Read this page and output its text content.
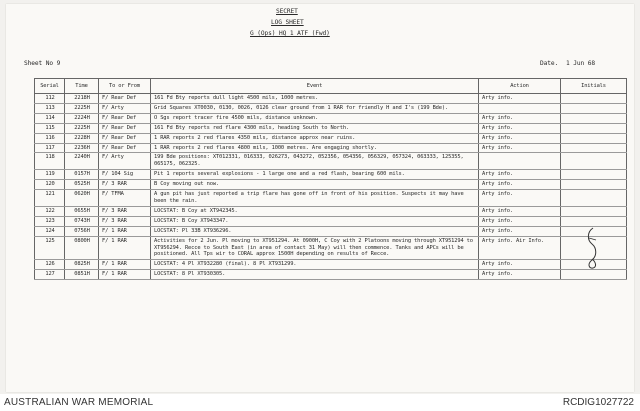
SECRET
LOG SHEET
G (Ops) HQ 1 ATF (Fwd)
Sheet No 9	Date. 1 Jun 68
Serial	Time	To or From	Event	Action	Initials
112	2218H	F/ Rear Def	161 Fd Bty reports dull light 4500 mils, 1000 metres.	Arty info.	
113	2225H	F/ Arty	Grid Squares XT0030, 0130, 0026, 0126 clear ground from 1 RAR for friendly H and I's (199 Bde).		
114	2224H	F/ Rear Def	O Sgs report tracer fire 4500 mils, distance unknown.	Arty info.	
115	2225H	F/ Rear Def	161 Fd Bty reports red flare 4300 mils, heading South to North.	Arty info.	
116	2228H	F/ Rear Def	1 RAR reports 2 red flares 4350 mils, distance approx near ruins.	Arty info.	
117	2236H	F/ Rear Def	1 RAR reports 2 red flares 4800 mils, 1000 metres. Are engaging shortly.	Arty info.	
118	2240H	F/ Arty	199 Bde positions: XT012331, 016333, 026273, 043272, 052356, 054356, 056329, 057324, 063333, 125355, 065175, 062325.		
119	0157H	F/ 104 Sig	Pit 1 reports several explosions - 1 large one and a red flash, bearing 600 mils.	Arty info.	
120	0525H	F/ 3 RAR	B Coy moving out now.	Arty info.	
121	0620H	F/ TFMA	A gun pit has just reported a trip flare has gone off in front of his position. Suspects it may have been the rain.	Arty info.	
122	0655H	F/ 3 RAR	LOCSTAT: B Coy at XT942345.	Arty info.	
123	0743H	F/ 3 RAR	LOCSTAT: B Coy XT943347.	Arty info.	
124	0756H	F/ 1 RAR	LOCSTAT: Pl 33B XT936296.	Arty info.	
125	0800H	F/ 1 RAR	Activities for 2 Jun. Pl moving to XT951294. At 0900H, C Coy with 2 Platoons moving through XT951294 to XT956294. Recce to South East (in area of contact 31 May) will then commence. Tanks and APCs will be positioned. All Tps wir to CORAL approx 1500H depending on results of Recce.	Arty info. Air Info.	
126	0825H	F/ 1 RAR	LOCSTAT: 4 Pl XT932280 (final). 8 Pl XT931299.	Arty info.	
127	0851H	F/ 1 RAR	LOCSTAT: 8 Pl XT930305.	Arty info.	
AUSTRALIAN WAR MEMORIAL	RCDIG1027722
